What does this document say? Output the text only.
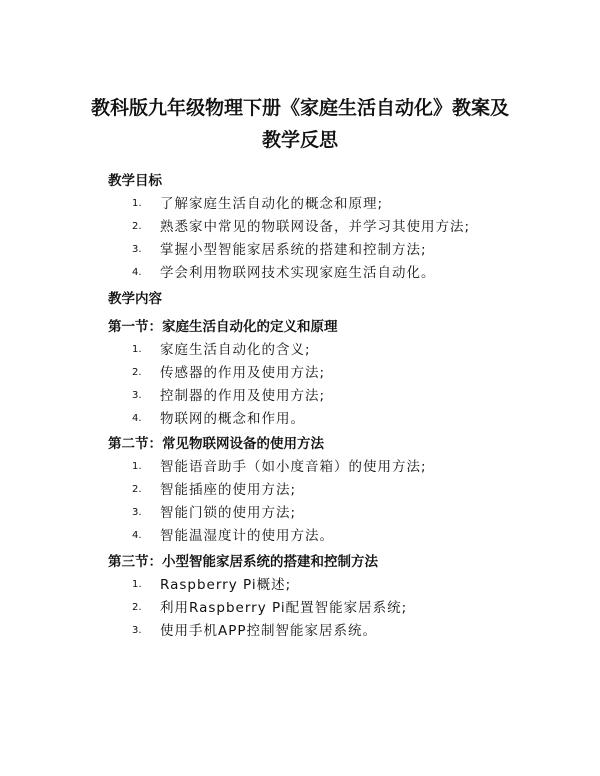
教科版九年级物理下册《家庭生活自动化》教案及教学反思
教学目标
1. 了解家庭生活自动化的概念和原理;
2. 熟悉家中常见的物联网设备，并学习其使用方法;
3. 掌握小型智能家居系统的搭建和控制方法;
4. 学会利用物联网技术实现家庭生活自动化。
教学内容
第一节：家庭生活自动化的定义和原理
1. 家庭生活自动化的含义;
2. 传感器的作用及使用方法;
3. 控制器的作用及使用方法;
4. 物联网的概念和作用。
第二节：常见物联网设备的使用方法
1. 智能语音助手（如小度音箱）的使用方法;
2. 智能插座的使用方法;
3. 智能门锁的使用方法;
4. 智能温湿度计的使用方法。
第三节：小型智能家居系统的搭建和控制方法
1. Raspberry Pi概述;
2. 利用Raspberry Pi配置智能家居系统;
3. 使用手机APP控制智能家居系统。
